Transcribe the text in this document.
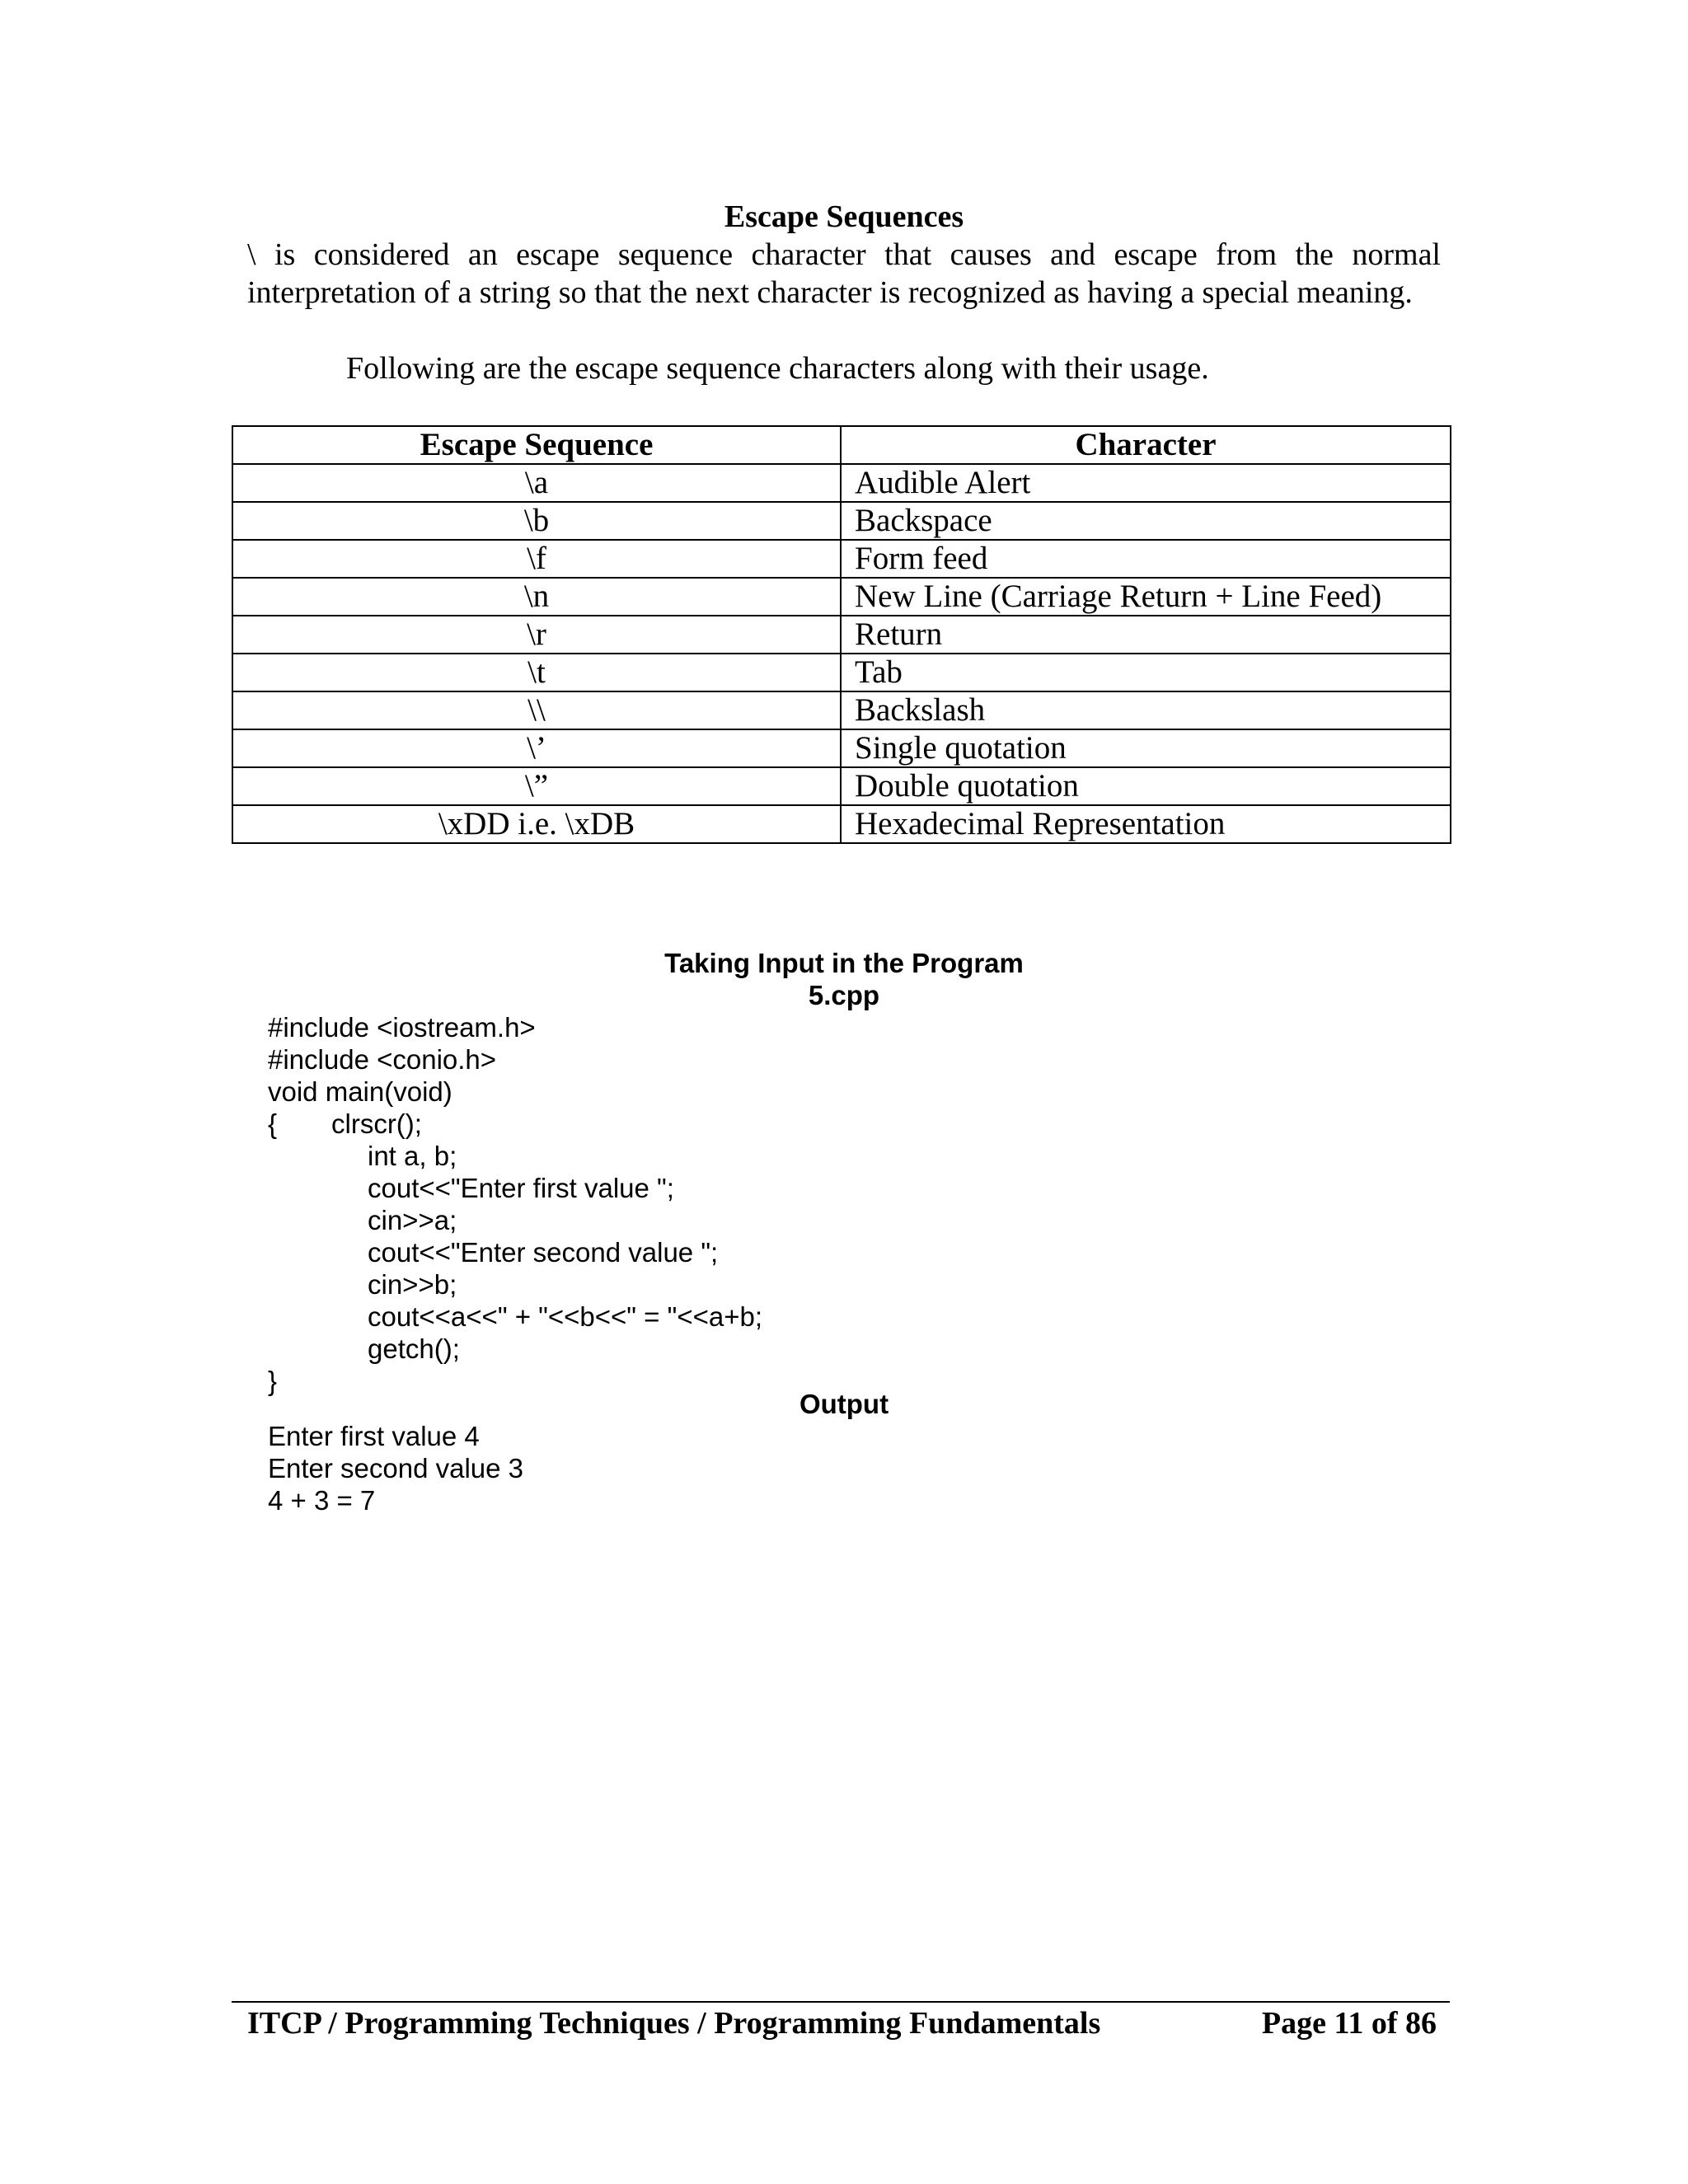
Escape Sequences

\ is considered an escape sequence character that causes and escape from the normal interpretation of a string so that the next character is recognized as having a special meaning.

Following are the escape sequence characters along with their usage.

Escape Sequence	Character
\a	Audible Alert
\b	Backspace
\f	Form feed
\n	New Line (Carriage Return + Line Feed)
\r	Return
\t	Tab
\\	Backslash
\’	Single quotation
\”	Double quotation
\xDD i.e. \xDB	Hexadecimal Representation
Taking Input in the Program
5.cpp
#include <iostream.h>
#include <conio.h>
void main(void)
{ clrscr();
int a, b;
cout<<"Enter first value ";
cin>>a;
cout<<"Enter second value ";
cin>>b;
cout<<a<<" + "<<b<<" = "<<a+b;
getch();
}
Output
Enter first value 4
Enter second value 3
4 + 3 = 7
ITCP / Programming Techniques / Programming Fundamentals	Page 11 of 86
